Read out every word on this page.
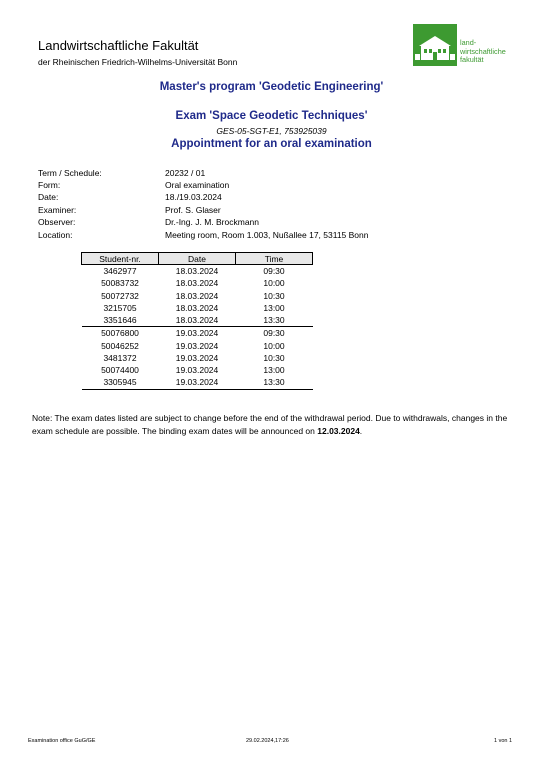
Landwirtschaftliche Fakultät
der Rheinischen Friedrich-Wilhelms-Universität Bonn
land-
wirtschaftliche
fakultät
Master's program 'Geodetic Engineering'
Exam 'Space Geodetic Techniques'
GES-05-SGT-E1, 753925039
Appointment for an oral examination
Term / Schedule:	20232 / 01
Form:	Oral examination
Date:	18./19.03.2024
Examiner:	Prof. S. Glaser
Observer:	Dr.-Ing. J. M. Brockmann
Location:	Meeting room, Room 1.003, Nußallee 17, 53115 Bonn
Student-nr.	Date	Time
3462977	18.03.2024	09:30
50083732	18.03.2024	10:00
50072732	18.03.2024	10:30
3215705	18.03.2024	13:00
3351646	18.03.2024	13:30
50076800	19.03.2024	09:30
50046252	19.03.2024	10:00
3481372	19.03.2024	10:30
50074400	19.03.2024	13:00
3305945	19.03.2024	13:30
Note: The exam dates listed are subject to change before the end of the withdrawal period. Due to withdrawals, changes in the exam schedule are possible. The binding exam dates will be announced on 12.03.2024.
Examination office GuG/GE	29.02.2024,17:26	1 von 1
